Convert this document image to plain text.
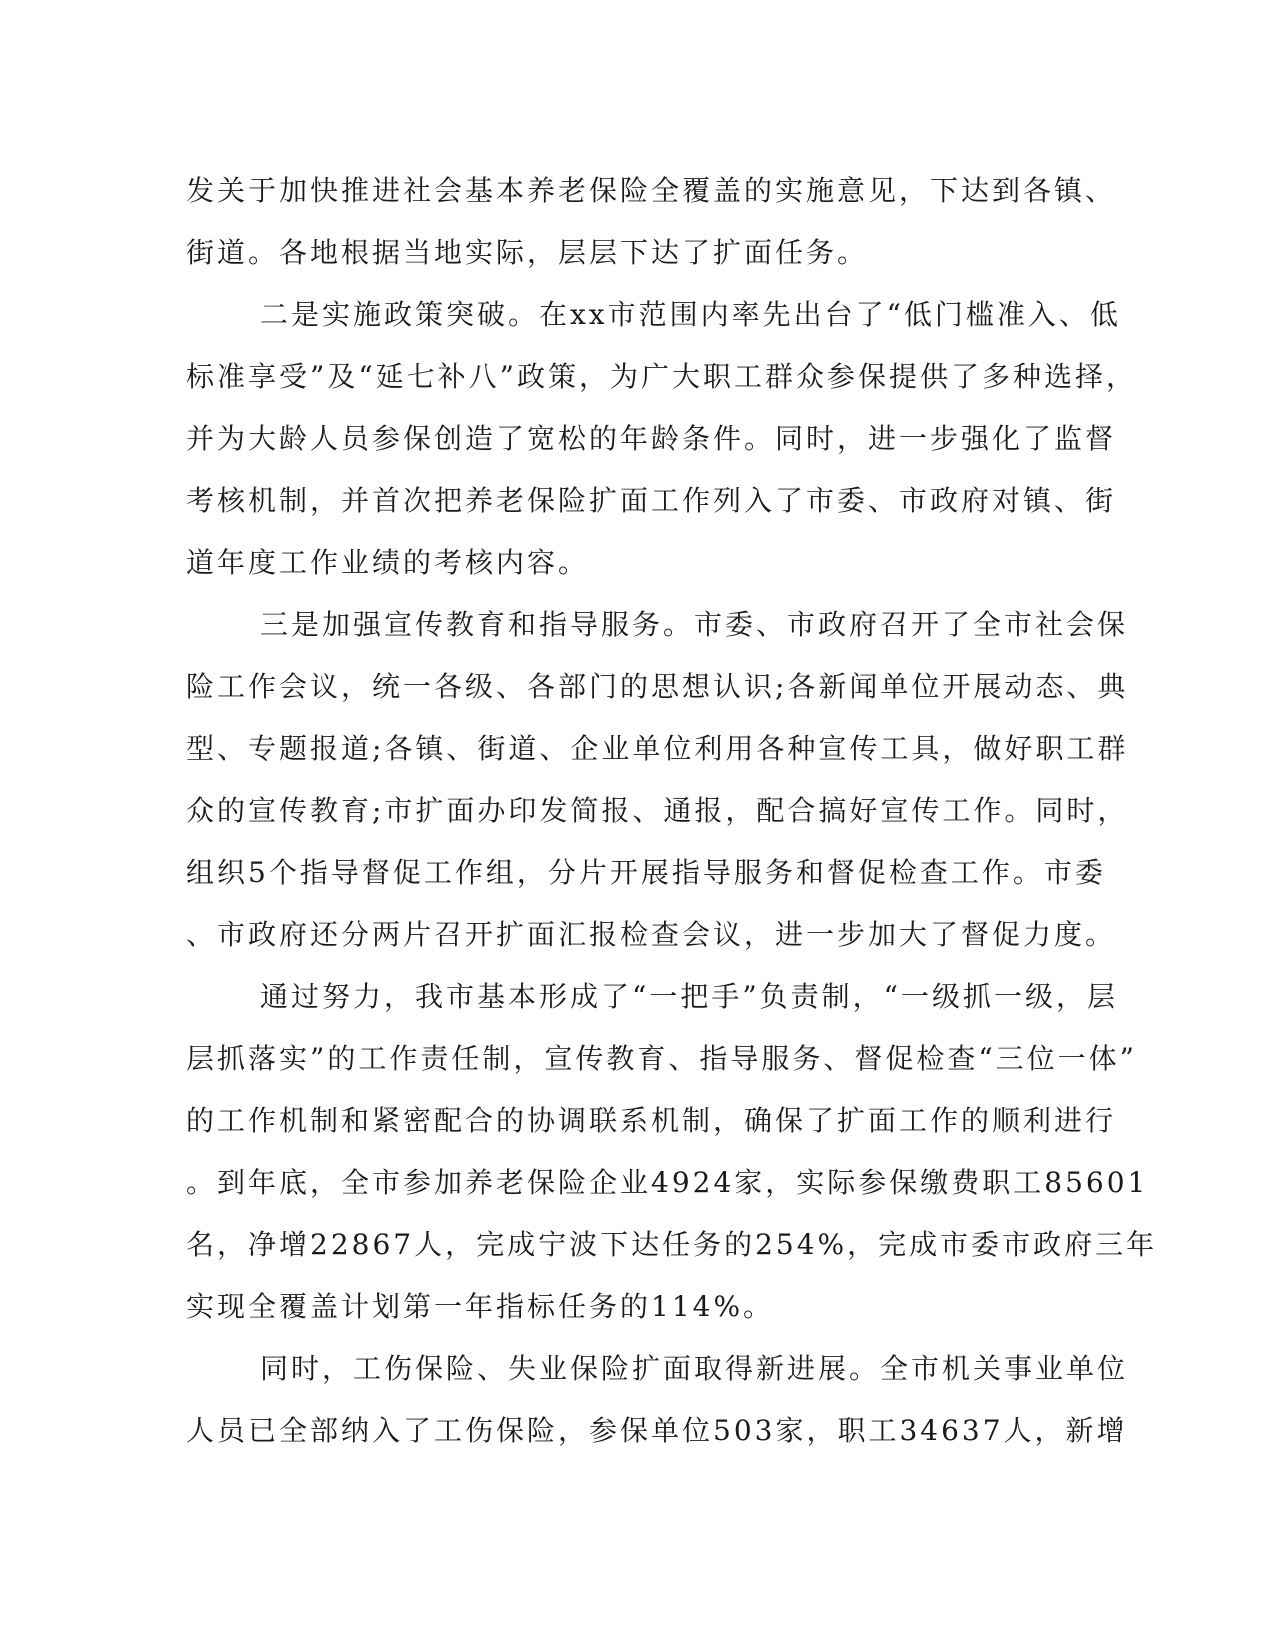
发关于加快推进社会基本养老保险全覆盖的实施意见，下达到各镇、
街道。各地根据当地实际，层层下达了扩面任务。
二是实施政策突破。在xx市范围内率先出台了“低门槛准入、低
标准享受”及“延七补八”政策，为广大职工群众参保提供了多种选择，
并为大龄人员参保创造了宽松的年龄条件。同时，进一步强化了监督
考核机制，并首次把养老保险扩面工作列入了市委、市政府对镇、街
道年度工作业绩的考核内容。
三是加强宣传教育和指导服务。市委、市政府召开了全市社会保
险工作会议，统一各级、各部门的思想认识;各新闻单位开展动态、典
型、专题报道;各镇、街道、企业单位利用各种宣传工具，做好职工群
众的宣传教育;市扩面办印发简报、通报，配合搞好宣传工作。同时，
组织5个指导督促工作组，分片开展指导服务和督促检查工作。市委
、市政府还分两片召开扩面汇报检查会议，进一步加大了督促力度。
通过努力，我市基本形成了“一把手”负责制，“一级抓一级，层
层抓落实”的工作责任制，宣传教育、指导服务、督促检查“三位一体”
的工作机制和紧密配合的协调联系机制，确保了扩面工作的顺利进行
。到年底，全市参加养老保险企业4924家，实际参保缴费职工85601
名，净增22867人，完成宁波下达任务的254%，完成市委市政府三年
实现全覆盖计划第一年指标任务的114%。
同时，工伤保险、失业保险扩面取得新进展。全市机关事业单位
人员已全部纳入了工伤保险，参保单位503家，职工34637人，新增
